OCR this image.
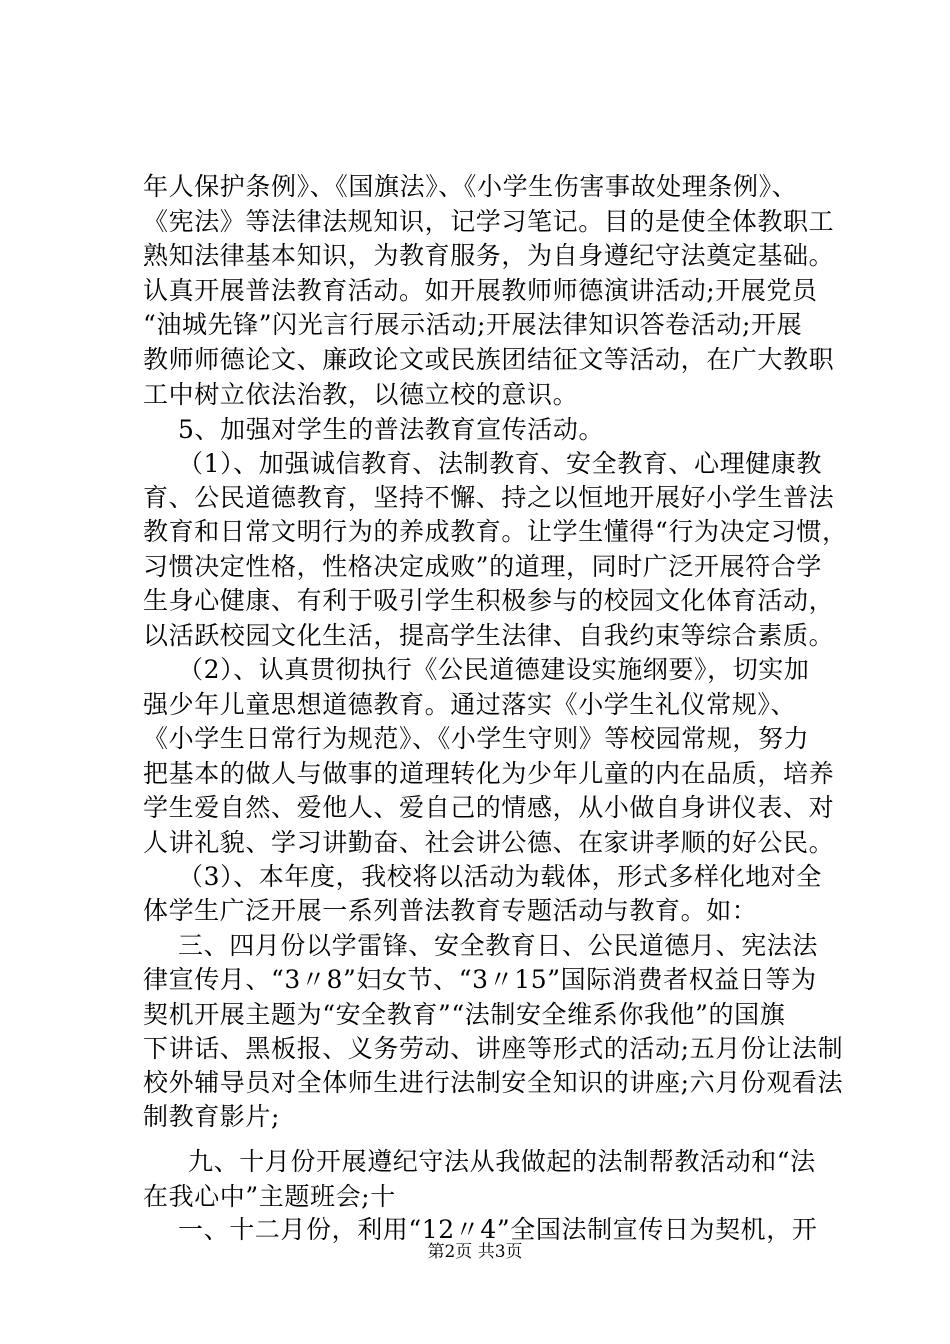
年人保护条例》、《国旗法》、《小学生伤害事故处理条例》、
《宪法》等法律法规知识，记学习笔记。目的是使全体教职工
熟知法律基本知识，为教育服务，为自身遵纪守法奠定基础。
认真开展普法教育活动。如开展教师师德演讲活动;开展党员
“油城先锋”闪光言行展示活动;开展法律知识答卷活动;开展
教师师德论文、廉政论文或民族团结征文等活动，在广大教职
工中树立依法治教，以德立校的意识。
5、加强对学生的普法教育宣传活动。
（1）、加强诚信教育、法制教育、安全教育、心理健康教
育、公民道德教育，坚持不懈、持之以恒地开展好小学生普法
教育和日常文明行为的养成教育。让学生懂得“行为决定习惯，
习惯决定性格，性格决定成败”的道理，同时广泛开展符合学
生身心健康、有利于吸引学生积极参与的校园文化体育活动，
以活跃校园文化生活，提高学生法律、自我约束等综合素质。
（2）、认真贯彻执行《公民道德建设实施纲要》，切实加
强少年儿童思想道德教育。通过落实《小学生礼仪常规》、
《小学生日常行为规范》、《小学生守则》等校园常规，努力
把基本的做人与做事的道理转化为少年儿童的内在品质，培养
学生爱自然、爱他人、爱自己的情感，从小做自身讲仪表、对
人讲礼貌、学习讲勤奋、社会讲公德、在家讲孝顺的好公民。
（3）、本年度，我校将以活动为载体，形式多样化地对全
体学生广泛开展一系列普法教育专题活动与教育。如：
三、四月份以学雷锋、安全教育日、公民道德月、宪法法
律宣传月、“3〃8”妇女节、“3〃15”国际消费者权益日等为
契机开展主题为“安全教育”“法制安全维系你我他”的国旗
下讲话、黑板报、义务劳动、讲座等形式的活动;五月份让法制
校外辅导员对全体师生进行法制安全知识的讲座;六月份观看法
制教育影片;
九、十月份开展遵纪守法从我做起的法制帮教活动和“法
在我心中”主题班会;十
一、十二月份，利用“12〃4”全国法制宣传日为契机，开
第2页 共3页
